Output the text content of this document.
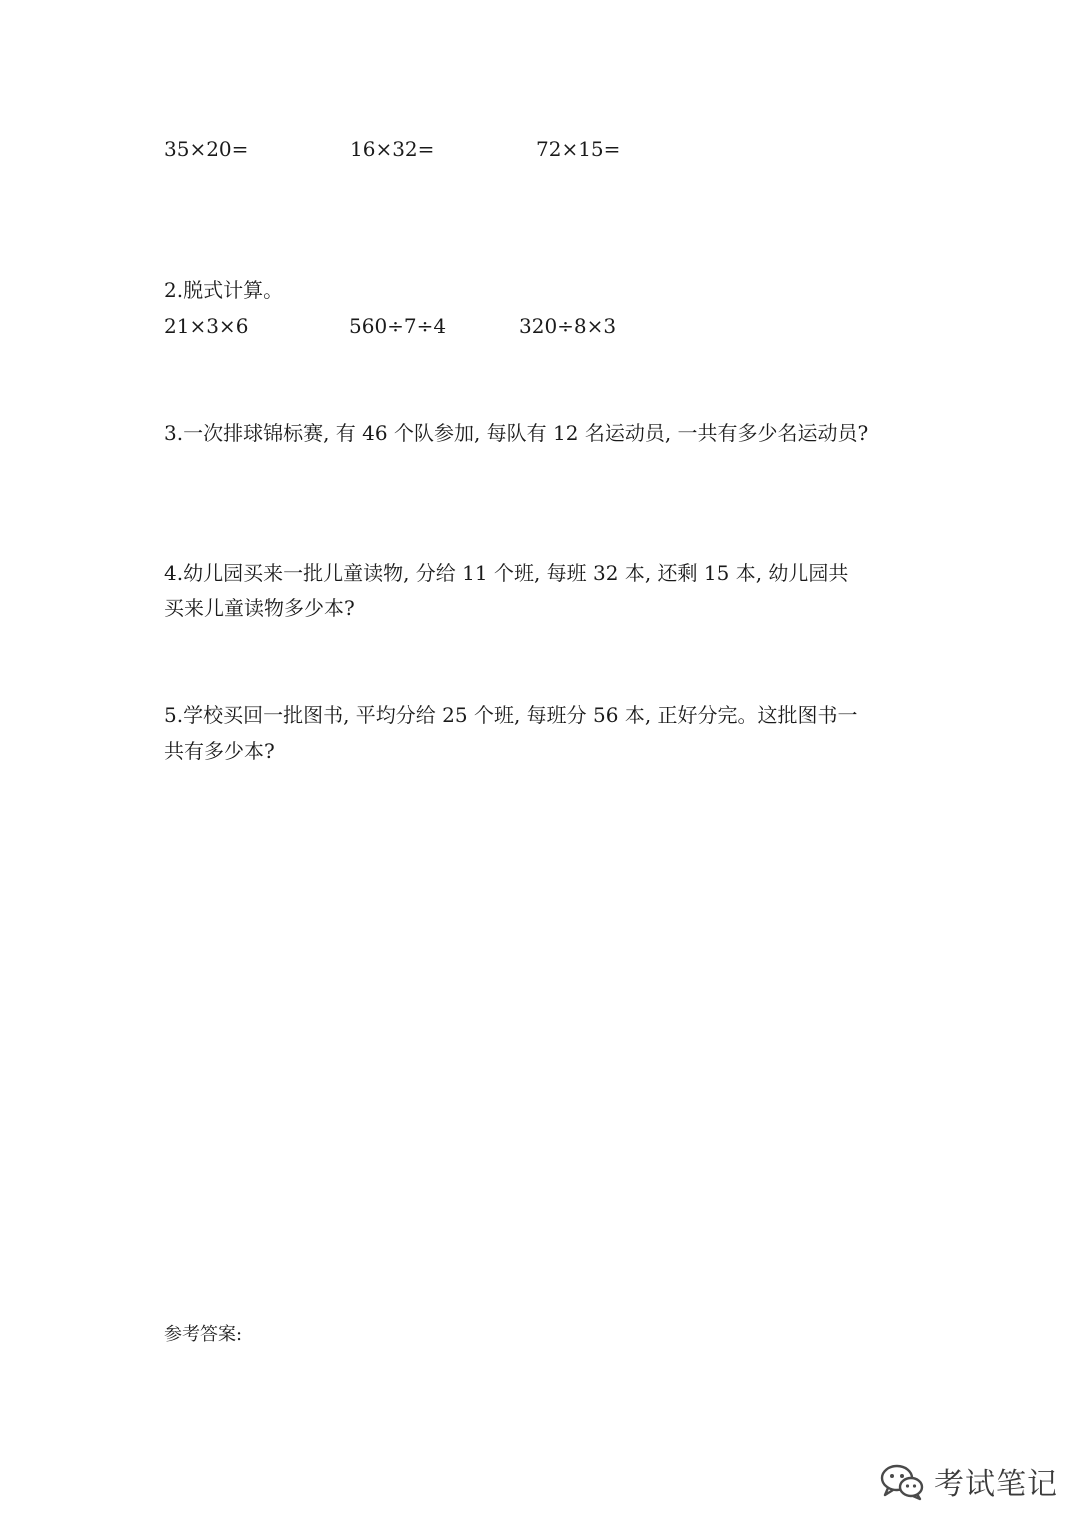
35×20=	16×32=	72×15=
2.脱式计算。
21×3×6	560÷7÷4	320÷8×3
3.一次排球锦标赛, 有 46 个队参加, 每队有 12 名运动员, 一共有多少名运动员?
4.幼儿园买来一批儿童读物, 分给 11 个班, 每班 32 本, 还剩 15 本, 幼儿园共
买来儿童读物多少本?
5.学校买回一批图书, 平均分给 25 个班, 每班分 56 本, 正好分完。这批图书一
共有多少本?
参考答案:
考试笔记
